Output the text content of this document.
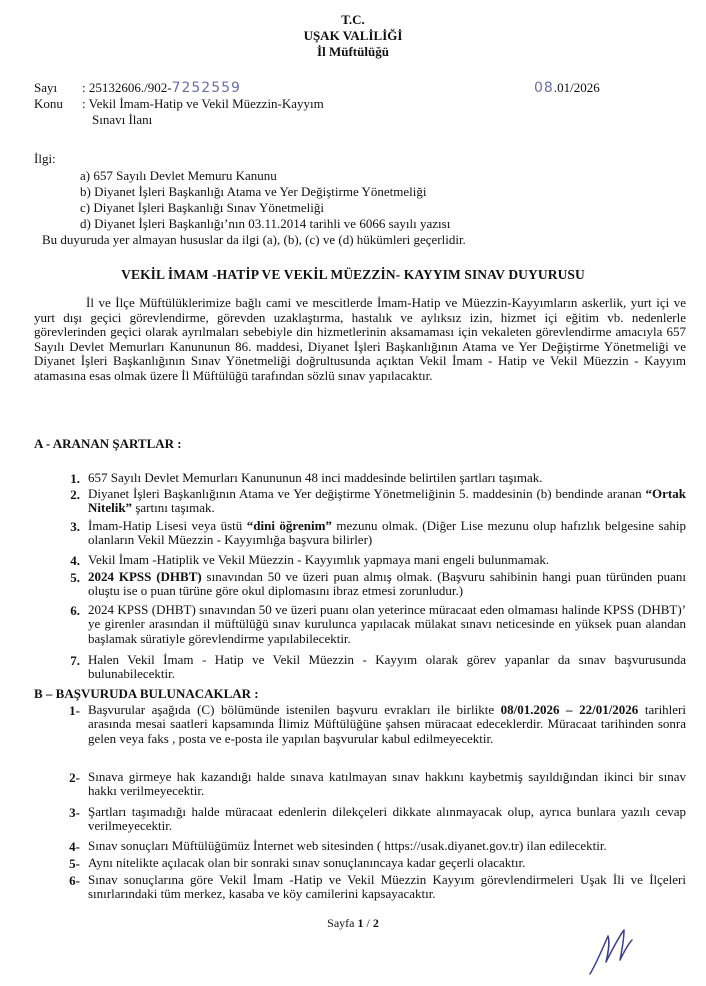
T.C.
UŞAK VALİLİĞİ
İl Müftülüğü
Sayı : 25132606./902-7252559	08.01/2026
Konu : Vekil İmam-Hatip ve Vekil Müezzin-Kayyım
Sınavı İlanı
İlgi:
a) 657 Sayılı Devlet Memuru Kanunu
b) Diyanet İşleri Başkanlığı Atama ve Yer Değiştirme Yönetmeliği
c) Diyanet İşleri Başkanlığı Sınav Yönetmeliği
d) Diyanet İşleri Başkanlığı’nın 03.11.2014 tarihli ve 6066 sayılı yazısı
Bu duyuruda yer almayan hususlar da ilgi (a), (b), (c) ve (d) hükümleri geçerlidir.
VEKİL İMAM -HATİP VE VEKİL MÜEZZİN- KAYYIM SINAV DUYURUSU
İl ve İlçe Müftülüklerimize bağlı cami ve mescitlerde İmam-Hatip ve Müezzin-Kayyımların askerlik, yurt içi ve yurt dışı geçici görevlendirme, görevden uzaklaştırma, hastalık ve aylıksız izin, hizmet içi eğitim vb. nedenlerle görevlerinden geçici olarak ayrılmaları sebebiyle din hizmetlerinin aksamaması için vekaleten görevlendirme amacıyla 657 Sayılı Devlet Memurları Kanununun 86. maddesi, Diyanet İşleri Başkanlığının Atama ve Yer Değiştirme Yönetmeliği ve Diyanet İşleri Başkanlığının Sınav Yönetmeliği doğrultusunda açıktan Vekil İmam - Hatip ve Vekil Müezzin - Kayyım atamasına esas olmak üzere İl Müftülüğü tarafından sözlü sınav yapılacaktır.
A - ARANAN ŞARTLAR :
1. 657 Sayılı Devlet Memurları Kanununun 48 inci maddesinde belirtilen şartları taşımak.
2. Diyanet İşleri Başkanlığının Atama ve Yer değiştirme Yönetmeliğinin 5. maddesinin (b) bendinde aranan “Ortak Nitelik” şartını taşımak.
3. İmam-Hatip Lisesi veya üstü “dini öğrenim” mezunu olmak. (Diğer Lise mezunu olup hafızlık belgesine sahip olanların Vekil Müezzin - Kayyımlığa başvura bilirler)
4. Vekil İmam -Hatiplik ve Vekil Müezzin - Kayyımlık yapmaya mani engeli bulunmamak.
5. 2024 KPSS (DHBT) sınavından 50 ve üzeri puan almış olmak. (Başvuru sahibinin hangi puan türünden puanı oluştu ise o puan türüne göre okul diplomasını ibraz etmesi zorunludur.)
6. 2024 KPSS (DHBT) sınavından 50 ve üzeri puanı olan yeterince müracaat eden olmaması halinde KPSS (DHBT)’ ye girenler arasından il müftülüğü sınav kurulunca yapılacak mülakat sınavı neticesinde en yüksek puan alandan başlamak süratiyle görevlendirme yapılabilecektir.
7. Halen Vekil İmam - Hatip ve Vekil Müezzin - Kayyım olarak görev yapanlar da sınav başvurusunda bulunabilecektir.
B – BAŞVURUDA BULUNACAKLAR :
1- Başvurular aşağıda (C) bölümünde istenilen başvuru evrakları ile birlikte 08/01.2026 – 22/01/2026 tarihleri arasında mesai saatleri kapsamında İlimiz Müftülüğüne şahsen müracaat edeceklerdir. Müracaat tarihinden sonra gelen veya faks , posta ve e-posta ile yapılan başvurular kabul edilmeyecektir.
2- Sınava girmeye hak kazandığı halde sınava katılmayan sınav hakkını kaybetmiş sayıldığından ikinci bir sınav hakkı verilmeyecektir.
3- Şartları taşımadığı halde müracaat edenlerin dilekçeleri dikkate alınmayacak olup, ayrıca bunlara yazılı cevap verilmeyecektir.
4- Sınav sonuçları Müftülüğümüz İnternet web sitesinden ( https://usak.diyanet.gov.tr) ilan edilecektir.
5- Aynı nitelikte açılacak olan bir sonraki sınav sonuçlanıncaya kadar geçerli olacaktır.
6- Sınav sonuçlarına göre Vekil İmam -Hatip ve Vekil Müezzin Kayyım görevlendirmeleri Uşak İli ve İlçeleri sınırlarındaki tüm merkez, kasaba ve köy camilerini kapsayacaktır.
Sayfa 1 / 2
